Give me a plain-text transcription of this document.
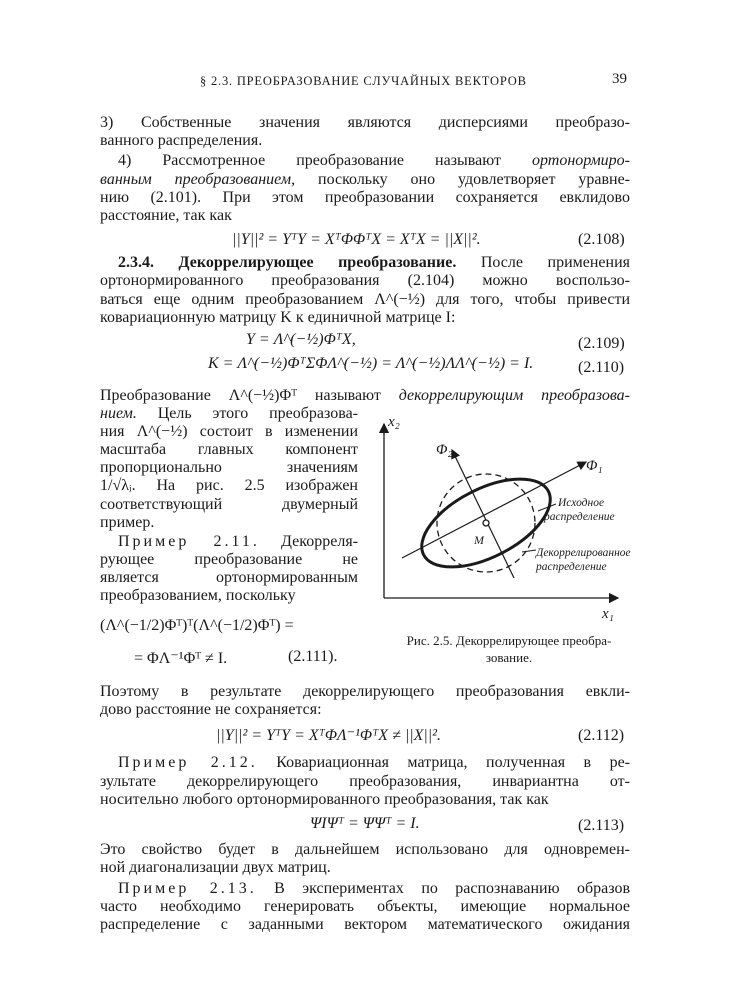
§ 2.3. ПРЕОБРАЗОВАНИЕ СЛУЧАЙНЫХ ВЕКТОРОВ	39
3) Собственные значения являются дисперсиями преобразо-
ванного распределения.
4) Рассмотренное преобразование называют ортонормиро-
ванным преобразованием, поскольку оно удовлетворяет уравне-
нию (2.101). При этом преобразовании сохраняется евклидово
расстояние, так как
||Y||² = YᵀY = XᵀΦΦᵀX = XᵀX = ||X||².	(2.108)
2.3.4. Декоррелирующее преобразование. После применения
ортонормированного преобразования (2.104) можно воспользо-
ваться еще одним преобразованием Λ^(−½) для того, чтобы привести
ковариационную матрицу K к единичной матрице I:
Y = Λ^(−½)ΦᵀX,	(2.109)
K = Λ^(−½)ΦᵀΣΦΛ^(−½) = Λ^(−½)ΛΛ^(−½) = I.	(2.110)
Преобразование Λ^(−½)Φᵀ называют декоррелирующим преобразова-
нием. Цель этого преобразова-
ния Λ^(−½) состоит в изменении
масштаба главных компонент
пропорционально значениям
1/√λᵢ. На рис. 2.5 изображен
соответствующий двумерный
пример.
Пример 2.11. Декорреля-
рующее преобразование не
является ортонормированным
преобразованием, поскольку
(Λ^(−1/2)Φᵀ)ᵀ(Λ^(−1/2)Φᵀ) =
= ΦΛ⁻¹Φᵀ ≠ I.	(2.111).
x₂
x₁
Φ₁
Φ₂
M
Исходное
распределение
Декоррелированное
распределение
Рис. 2.5. Декоррелирующее преобра-
зование.
Поэтому в результате декоррелирующего преобразования евкли-
дово расстояние не сохраняется:
||Y||² = YᵀY = XᵀΦΛ⁻¹ΦᵀX ≠ ||X||².	(2.112)
Пример 2.12. Ковариационная матрица, полученная в ре-
зультате декоррелирующего преобразования, инвариантна от-
носительно любого ортонормированного преобразования, так как
ΨIΨᵀ = ΨΨᵀ = I.	(2.113)
Это свойство будет в дальнейшем использовано для одновремен-
ной диагонализации двух матриц.
Пример 2.13. В экспериментах по распознаванию образов
часто необходимо генерировать объекты, имеющие нормальное
распределение с заданными вектором математического ожидания
